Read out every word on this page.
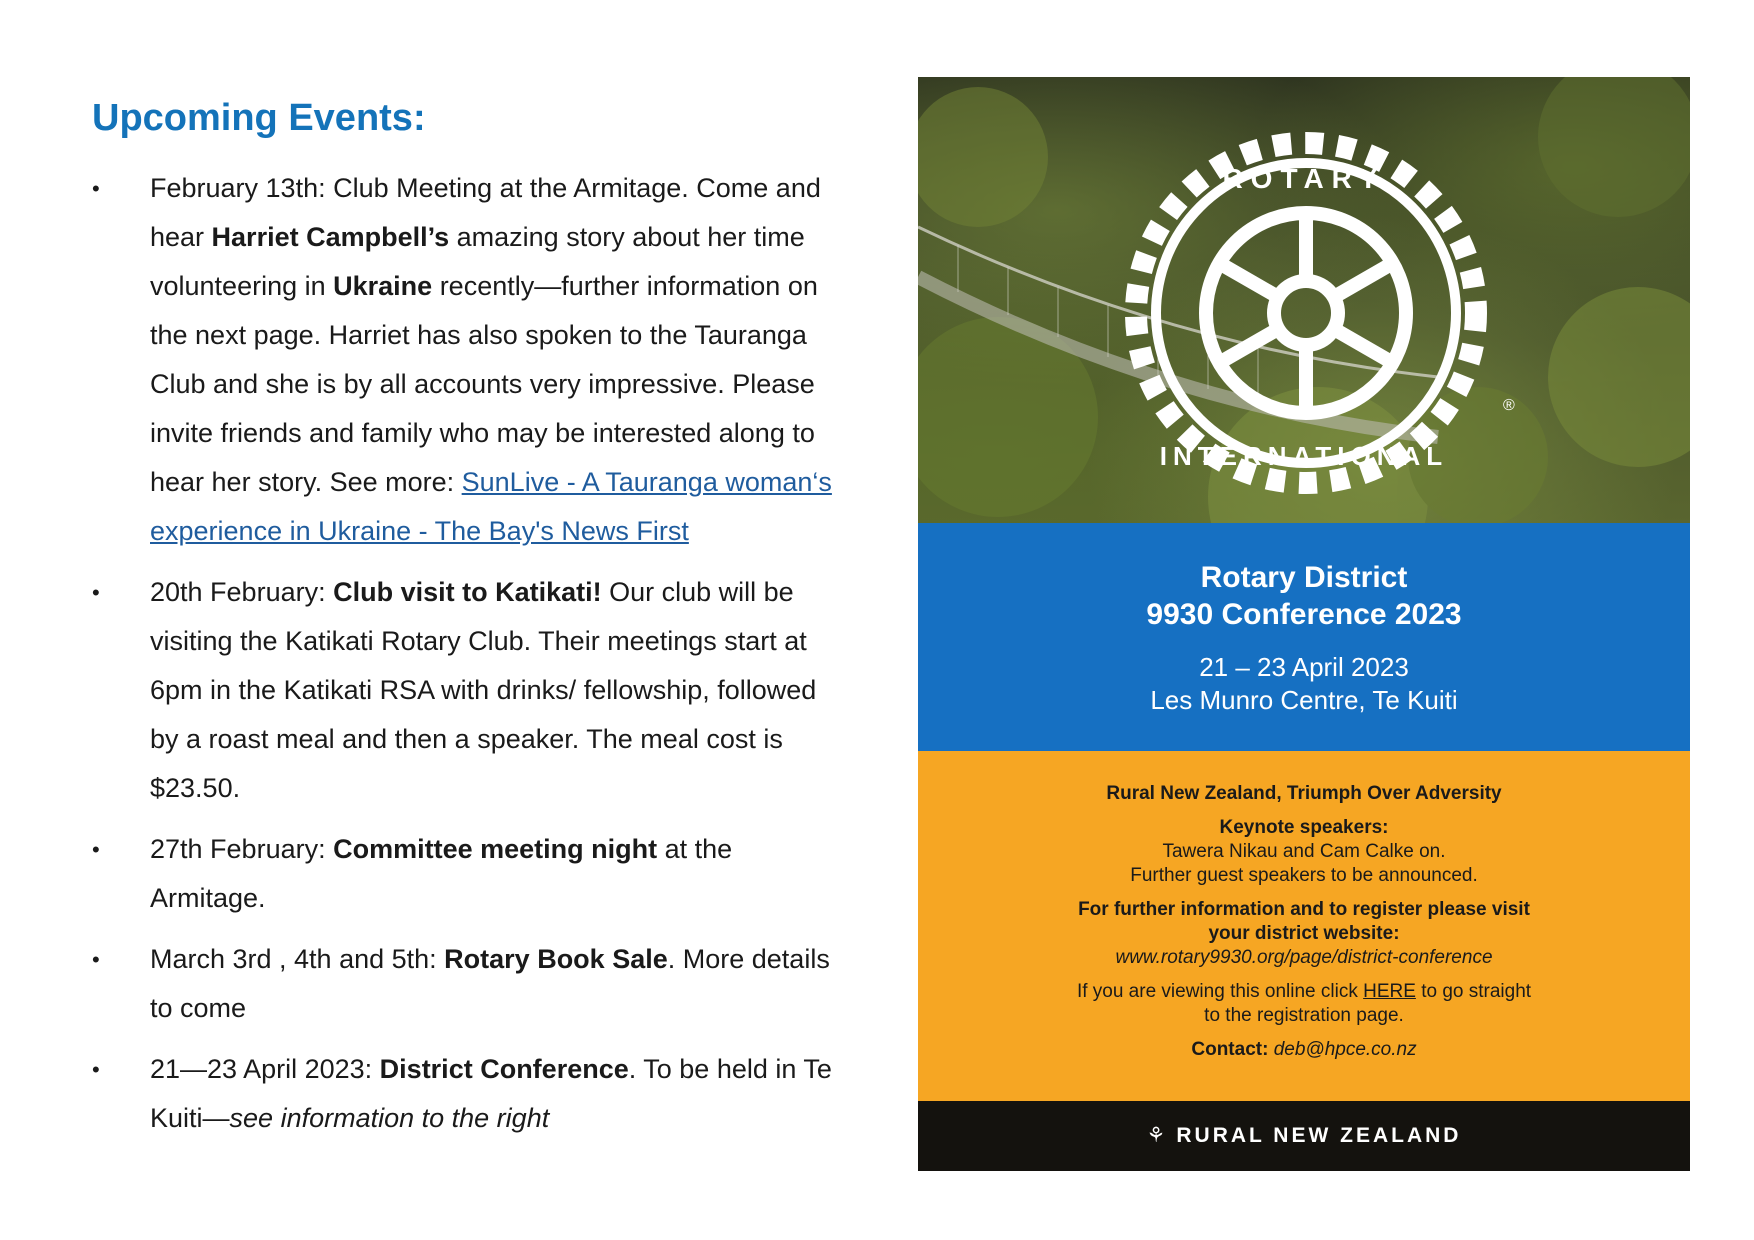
Upcoming Events:
• February 13th: Club Meeting at the Armitage. Come and hear Harriet Campbell’s amazing story about her time volunteering in Ukraine recently—further information on the next page. Harriet has also spoken to the Tauranga Club and she is by all accounts very impressive. Please invite friends and family who may be interested along to hear her story. See more: SunLive - A Tauranga woman‘s experience in Ukraine - The Bay's News First
• 20th February: Club visit to Katikati! Our club will be visiting the Katikati Rotary Club. Their meetings start at 6pm in the Katikati RSA with drinks/ fellowship, followed by a roast meal and then a speaker. The meal cost is $23.50.
• 27th February: Committee meeting night at the Armitage.
• March 3rd , 4th and 5th: Rotary Book Sale. More details to come
• 21—23 April 2023: District Conference. To be held in Te Kuiti—see information to the right
ROTARY
INTERNATIONAL
®
Rotary District
9930 Conference 2023
21 – 23 April 2023
Les Munro Centre, Te Kuiti
Rural New Zealand, Triumph Over Adversity
Keynote speakers:
Tawera Nikau and Cam Calke on.
Further guest speakers to be announced.
For further information and to register please visit
your district website:
www.rotary9930.org/page/district-conference
If you are viewing this online click HERE to go straight
to the registration page.
Contact: deb@hpce.co.nz
⚘ RURAL NEW ZEALAND
